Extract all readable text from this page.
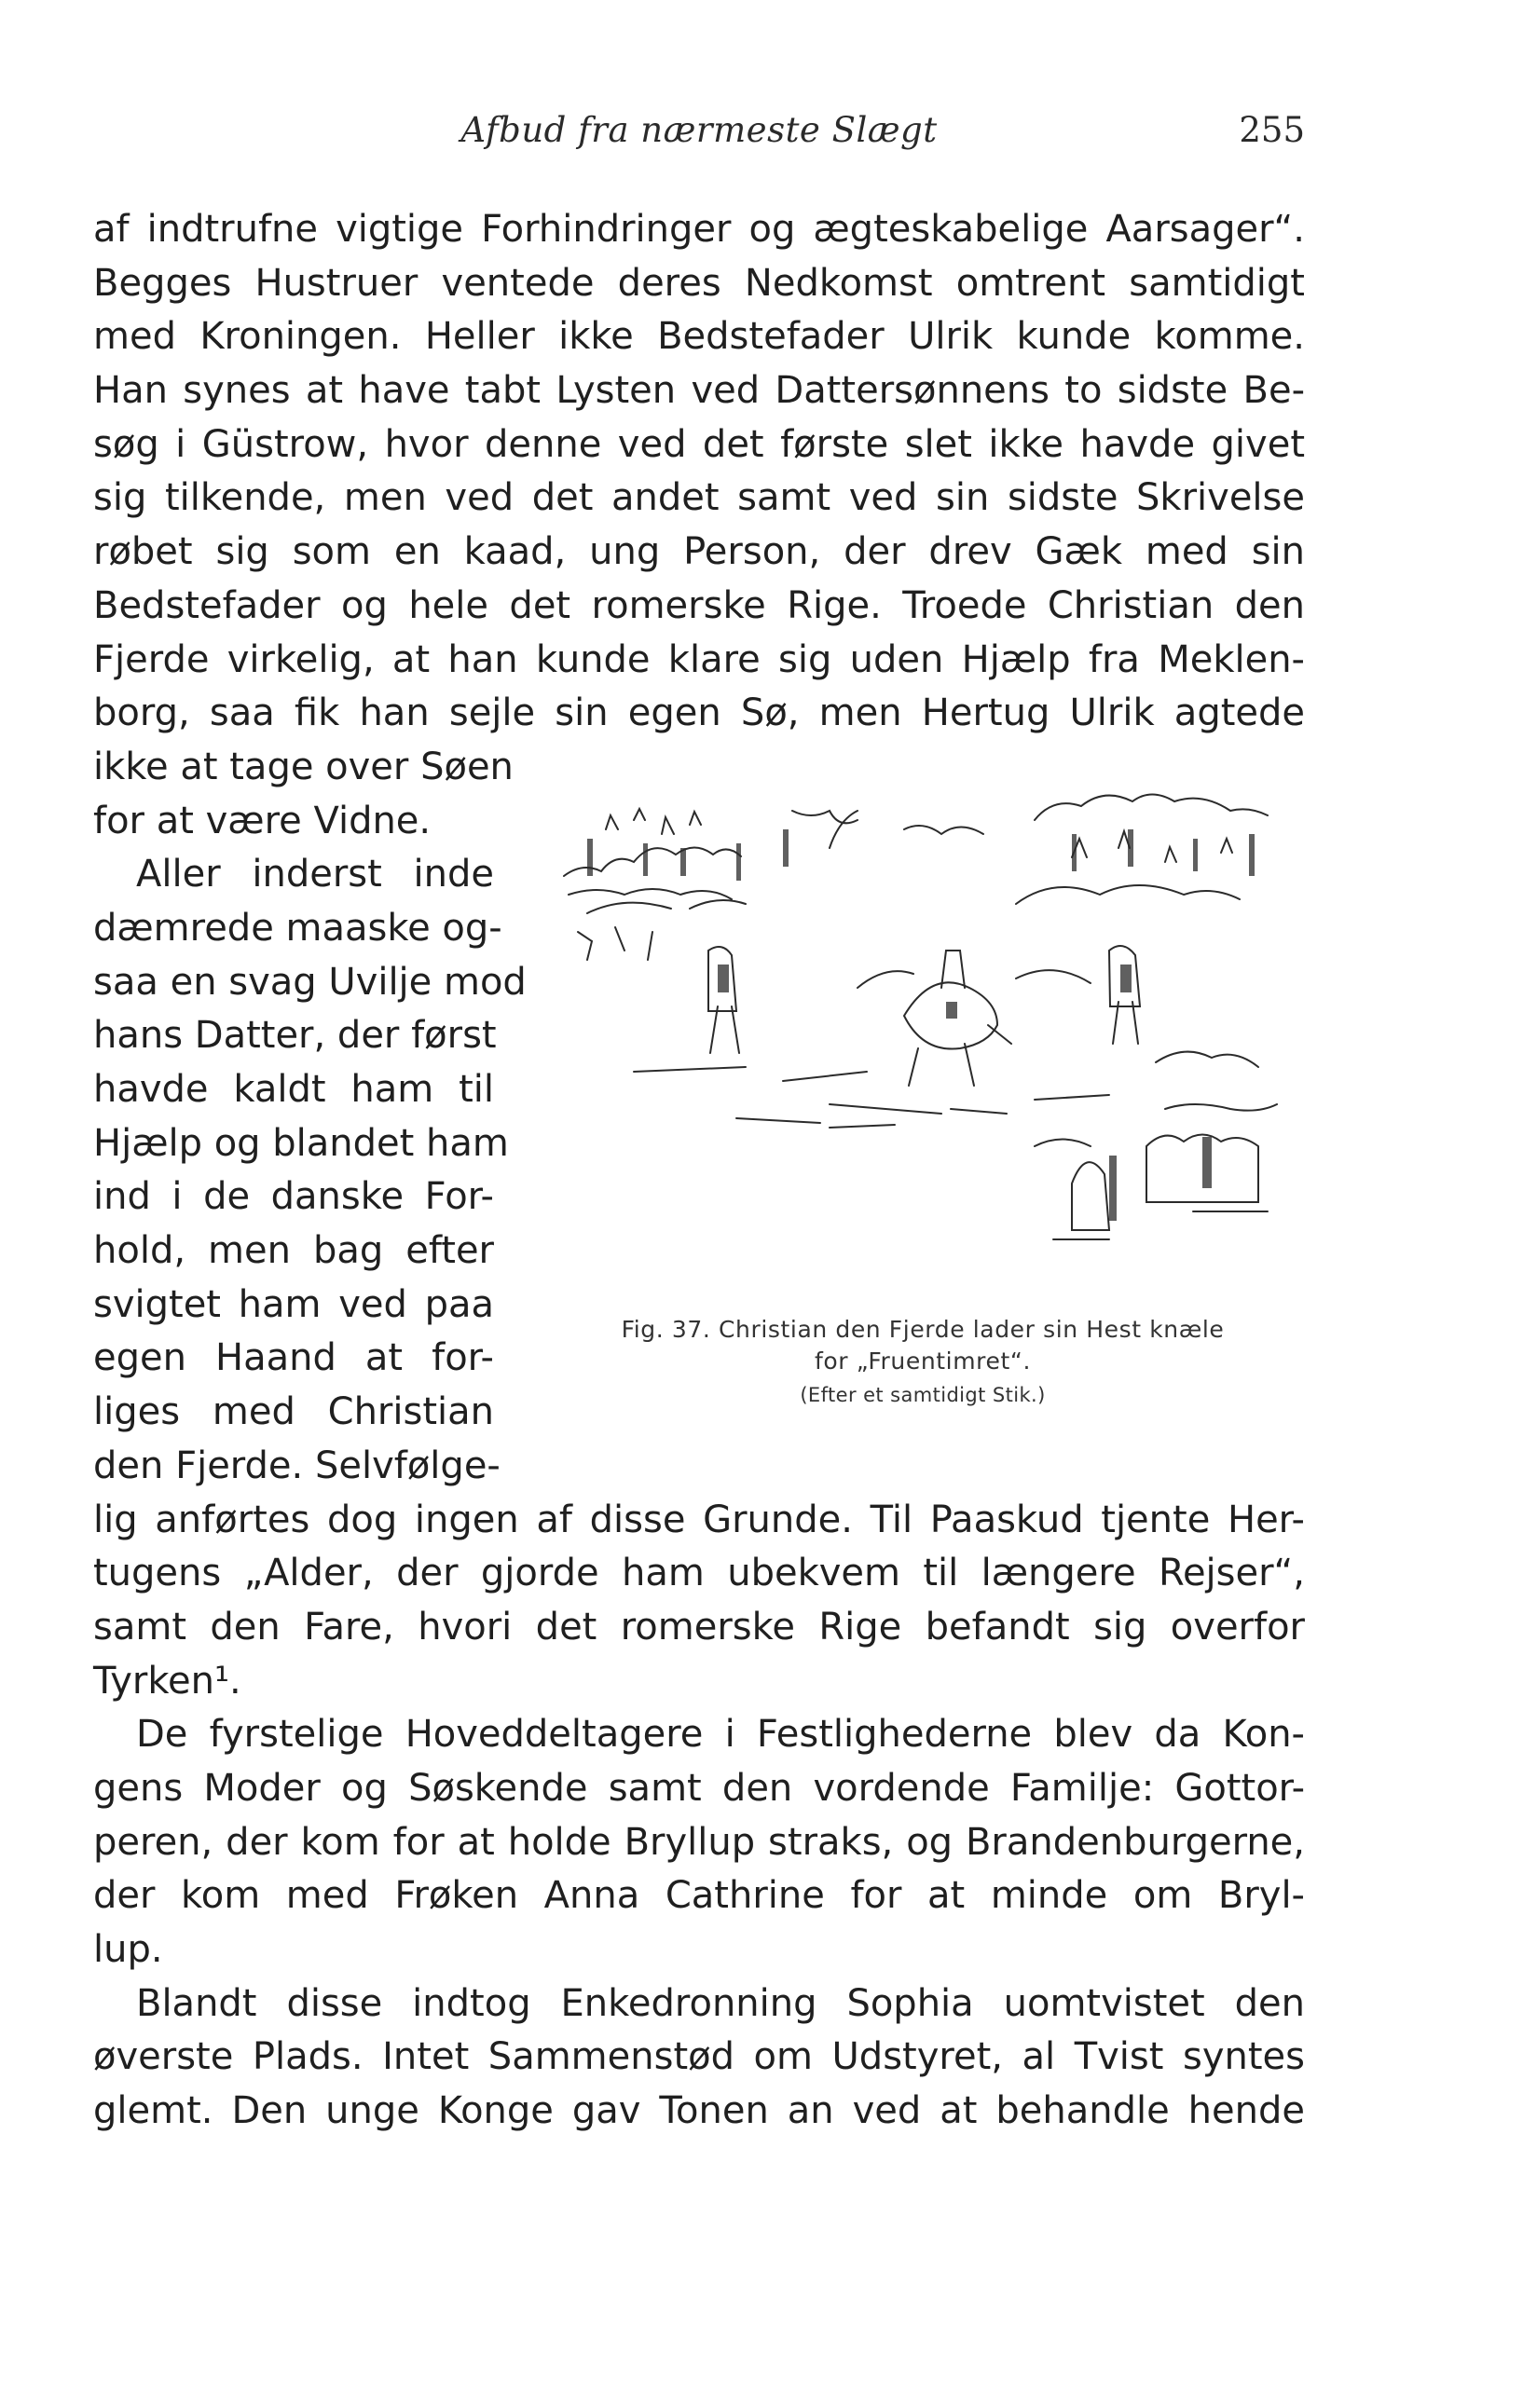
Afbud fra nærmeste Slægt	255
af indtrufne vigtige Forhindringer og ægteskabelige Aarsager“.
Begges Hustruer ventede deres Nedkomst omtrent samtidigt
med Kroningen. Heller ikke Bedstefader Ulrik kunde komme.
Han synes at have tabt Lysten ved Dattersønnens to sidste Be-
søg i Güstrow, hvor denne ved det første slet ikke havde givet
sig tilkende, men ved det andet samt ved sin sidste Skrivelse
røbet sig som en kaad, ung Person, der drev Gæk med sin
Bedstefader og hele det romerske Rige. Troede Christian den
Fjerde virkelig, at han kunde klare sig uden Hjælp fra Meklen-
borg, saa fik han sejle sin egen Sø, men Hertug Ulrik agtede
ikke at tage over Søen
for at være Vidne.
Aller inderst inde
dæmrede maaske og-
saa en svag Uvilje mod
hans Datter, der først
havde kaldt ham til
Hjælp og blandet ham
ind i de danske For-
hold, men bag efter
svigtet ham ved paa
egen Haand at for-
liges med Christian
den Fjerde. Selvfølge-
lig anførtes dog ingen af disse Grunde. Til Paaskud tjente Her-
tugens „Alder, der gjorde ham ubekvem til længere Rejser“,
samt den Fare, hvori det romerske Rige befandt sig overfor
Tyrken¹.
De fyrstelige Hoveddeltagere i Festlighederne blev da Kon-
gens Moder og Søskende samt den vordende Familje: Gottor-
peren, der kom for at holde Bryllup straks, og Brandenburgerne,
der kom med Frøken Anna Cathrine for at minde om Bryl-
lup.
Blandt disse indtog Enkedronning Sophia uomtvistet den
øverste Plads. Intet Sammenstød om Udstyret, al Tvist syntes
glemt. Den unge Konge gav Tonen an ved at behandle hende
Fig. 37. Christian den Fjerde lader sin Hest knæle
for „Fruentimret“.
(Efter et samtidigt Stik.)
